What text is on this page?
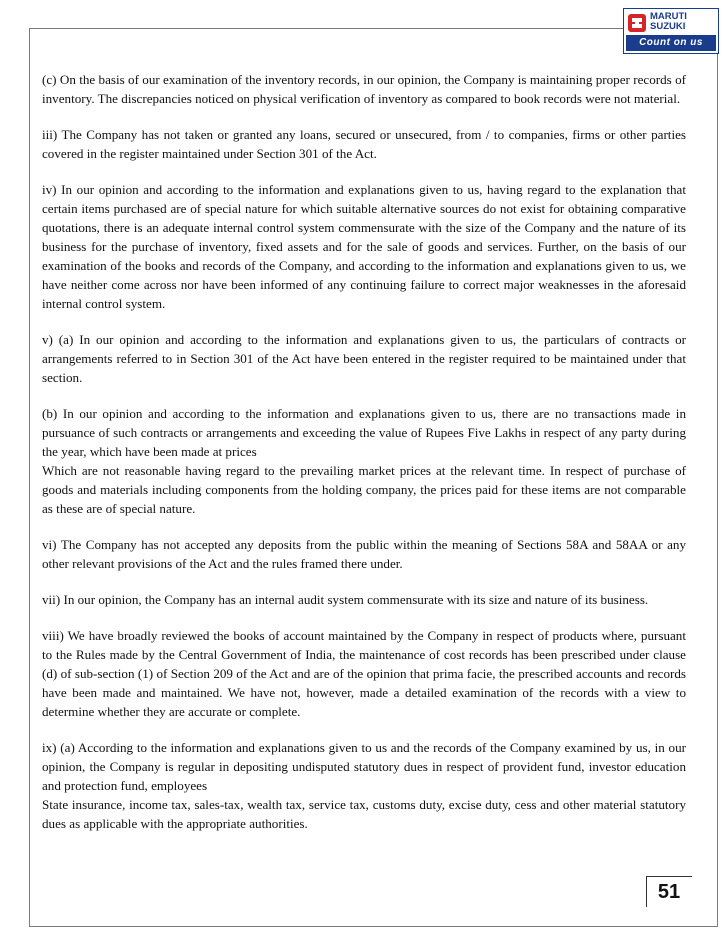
MARUTI
SUZUKI
Count on us

(c) On the basis of our examination of the inventory records, in our opinion, the Company is maintaining proper records of inventory. The discrepancies noticed on physical verification of inventory as compared to book records were not material.

iii) The Company has not taken or granted any loans, secured or unsecured, from / to companies, firms or other parties covered in the register maintained under Section 301 of the Act.

iv) In our opinion and according to the information and explanations given to us, having regard to the explanation that certain items purchased are of special nature for which suitable alternative sources do not exist for obtaining comparative quotations, there is an adequate internal control system commensurate with the size of the Company and the nature of its business for the purchase of inventory, fixed assets and for the sale of goods and services. Further, on the basis of our examination of the books and records of the Company, and according to the information and explanations given to us, we have neither come across nor have been informed of any continuing failure to correct major weaknesses in the aforesaid internal control system.

v) (a) In our opinion and according to the information and explanations given to us, the particulars of contracts or arrangements referred to in Section 301 of the Act have been entered in the register required to be maintained under that section.

(b) In our opinion and according to the information and explanations given to us, there are no transactions made in pursuance of such contracts or arrangements and exceeding the value of Rupees Five Lakhs in respect of any party during the year, which have been made at prices
Which are not reasonable having regard to the prevailing market prices at the relevant time. In respect of purchase of goods and materials including components from the holding company, the prices paid for these items are not comparable as these are of special nature.

vi) The Company has not accepted any deposits from the public within the meaning of Sections 58A and 58AA or any other relevant provisions of the Act and the rules framed there under.

vii) In our opinion, the Company has an internal audit system commensurate with its size and nature of its business.

viii) We have broadly reviewed the books of account maintained by the Company in respect of products where, pursuant to the Rules made by the Central Government of India, the maintenance of cost records has been prescribed under clause (d) of sub-section (1) of Section 209 of the Act and are of the opinion that prima facie, the prescribed accounts and records have been made and maintained. We have not, however, made a detailed examination of the records with a view to determine whether they are accurate or complete.

ix) (a) According to the information and explanations given to us and the records of the Company examined by us, in our opinion, the Company is regular in depositing undisputed statutory dues in respect of provident fund, investor education and protection fund, employees
State insurance, income tax, sales-tax, wealth tax, service tax, customs duty, excise duty, cess and other material statutory dues as applicable with the appropriate authorities.

51
